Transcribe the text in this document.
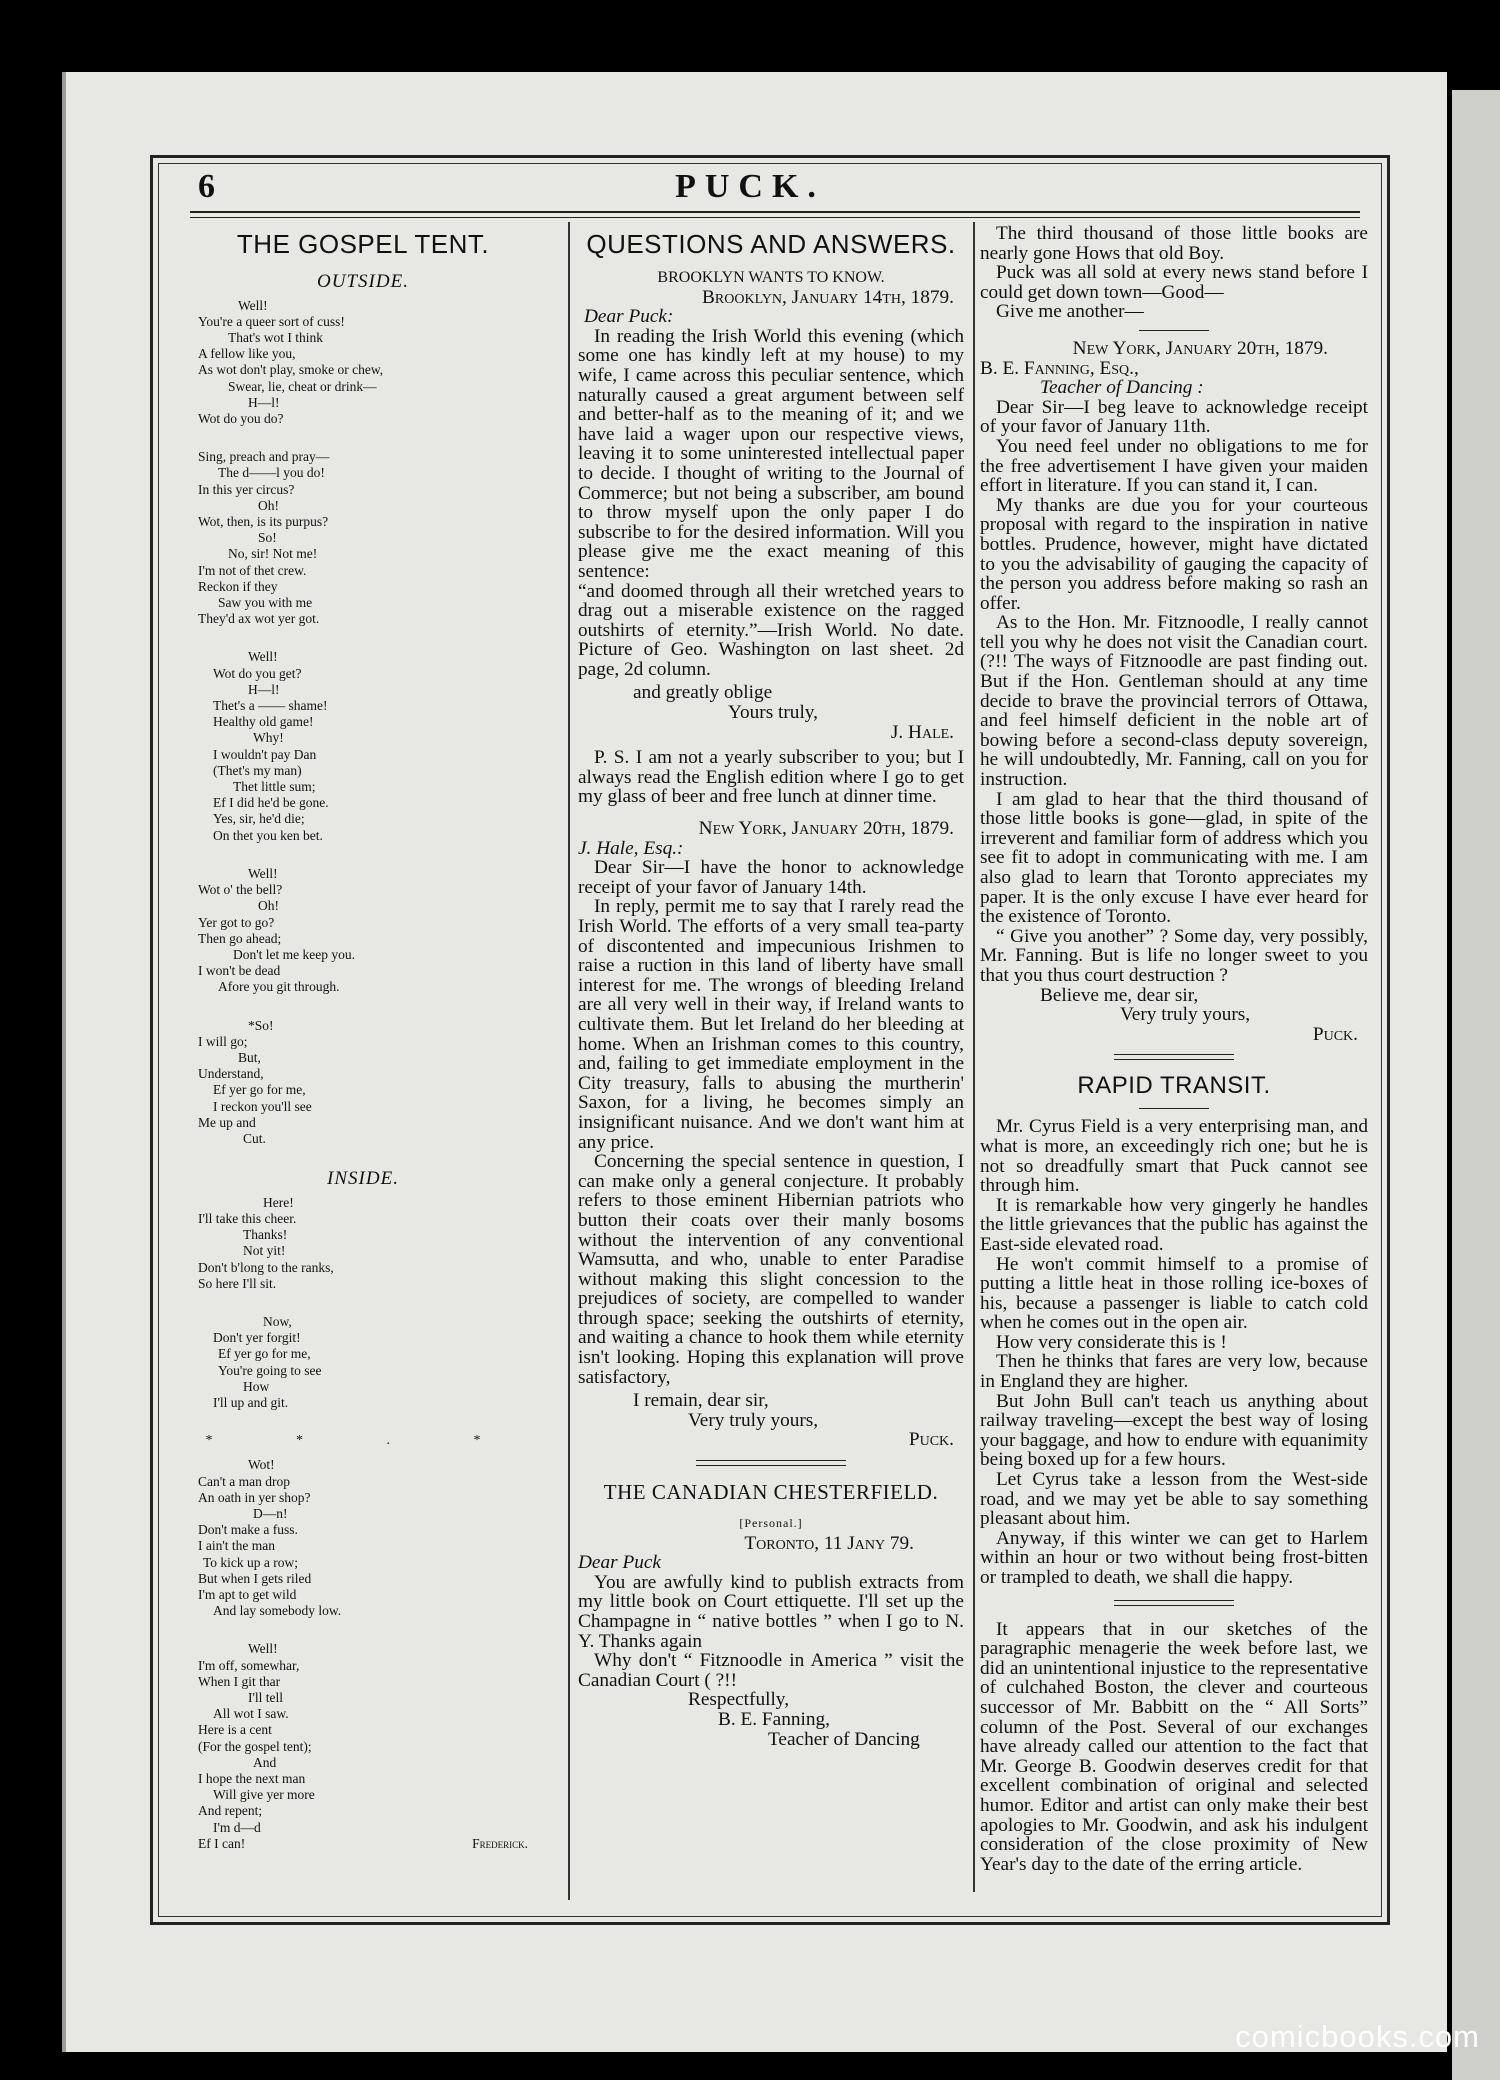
6	PUCK.
THE GOSPEL TENT.
OUTSIDE.
Well!
You're a queer sort of cuss!
That's wot I think
A fellow like you,
As wot don't play, smoke or chew,
Swear, lie, cheat or drink—
H—l!
Wot do you do?
Sing, preach and pray—
The d——l you do!
In this yer circus?
Oh!
Wot, then, is its purpus?
So!
No, sir! Not me!
I'm not of thet crew.
Reckon if they
Saw you with me
They'd ax wot yer got.
Well!
Wot do you get?
H—l!
Thet's a —— shame!
Healthy old game!
Why!
I wouldn't pay Dan
(Thet's my man)
Thet little sum;
Ef I did he'd be gone.
Yes, sir, he'd die;
On thet you ken bet.
Well!
Wot o' the bell?
Oh!
Yer got to go?
Then go ahead;
Don't let me keep you.
I won't be dead
Afore you git through.
*So!
I will go;
But,
Understand,
Ef yer go for me,
I reckon you'll see
Me up and
Cut.
INSIDE.
Here!
I'll take this cheer.
Thanks!
Not yit!
Don't b'long to the ranks,
So here I'll sit.
Now,
Don't yer forgit!
Ef yer go for me,
You're going to see
How
I'll up and git.
* * . *
Wot!
Can't a man drop
An oath in yer shop?
D—n!
Don't make a fuss.
I ain't the man
To kick up a row;
But when I gets riled
I'm apt to get wild
And lay somebody low.
Well!
I'm off, somewhar,
When I git thar
I'll tell
All wot I saw.
Here is a cent
(For the gospel tent);
And
I hope the next man
Will give yer more
And repent;
I'm d—d
Ef I can!	Frederick.
QUESTIONS AND ANSWERS.
BROOKLYN WANTS TO KNOW.
Brooklyn, January 14th, 1879.
Dear Puck:

In reading the Irish World this evening (which some one has kindly left at my house) to my wife, I came across this peculiar sentence, which naturally caused a great argument between self and better-half as to the meaning of it; and we have laid a wager upon our respective views, leaving it to some uninterested intellectual paper to decide. I thought of writing to the Journal of Commerce; but not being a subscriber, am bound to throw myself upon the only paper I do subscribe to for the desired information. Will you please give me the exact meaning of this sentence:

“and doomed through all their wretched years to drag out a miserable existence on the ragged outshirts of eternity.”—Irish World. No date. Picture of Geo. Washington on last sheet. 2d page, 2d column.

and greatly oblige
Yours truly,
J. Hale.

P. S. I am not a yearly subscriber to you; but I always read the English edition where I go to get my glass of beer and free lunch at dinner time.

New York, January 20th, 1879.
J. Hale, Esq.:

Dear Sir—I have the honor to acknowledge receipt of your favor of January 14th.

In reply, permit me to say that I rarely read the Irish World. The efforts of a very small tea-party of discontented and impecunious Irishmen to raise a ruction in this land of liberty have small interest for me. The wrongs of bleeding Ireland are all very well in their way, if Ireland wants to cultivate them. But let Ireland do her bleeding at home. When an Irishman comes to this country, and, failing to get immediate employment in the City treasury, falls to abusing the murtherin' Saxon, for a living, he becomes simply an insignificant nuisance. And we don't want him at any price.

Concerning the special sentence in question, I can make only a general conjecture. It probably refers to those eminent Hibernian patriots who button their coats over their manly bosoms without the intervention of any conventional Wamsutta, and who, unable to enter Paradise without making this slight concession to the prejudices of society, are compelled to wander through space; seeking the outshirts of eternity, and waiting a chance to hook them while eternity isn't looking. Hoping this explanation will prove satisfactory,

I remain, dear sir,
Very truly yours,
Puck.
THE CANADIAN CHESTERFIELD.
[Personal.]
Toronto, 11 Jany 79.
Dear Puck

You are awfully kind to publish extracts from my little book on Court ettiquette. I'll set up the Champagne in “ native bottles ” when I go to N. Y. Thanks again

Why don't “ Fitznoodle in America ” visit the Canadian Court ( ?!!

Respectfully,
B. E. Fanning,
Teacher of Dancing

The third thousand of those little books are nearly gone Hows that old Boy.

Puck was all sold at every news stand before I could get down town—Good—

Give me another—

New York, January 20th, 1879.
B. E. Fanning, Esq.,
Teacher of Dancing :

Dear Sir—I beg leave to acknowledge receipt of your favor of January 11th.

You need feel under no obligations to me for the free advertisement I have given your maiden effort in literature. If you can stand it, I can.

My thanks are due you for your courteous proposal with regard to the inspiration in native bottles. Prudence, however, might have dictated to you the advisability of gauging the capacity of the person you address before making so rash an offer.

As to the Hon. Mr. Fitznoodle, I really cannot tell you why he does not visit the Canadian court. (?!! The ways of Fitznoodle are past finding out. But if the Hon. Gentleman should at any time decide to brave the provincial terrors of Ottawa, and feel himself deficient in the noble art of bowing before a second-class deputy sovereign, he will undoubtedly, Mr. Fanning, call on you for instruction.

I am glad to hear that the third thousand of those little books is gone—glad, in spite of the irreverent and familiar form of address which you see fit to adopt in communicating with me. I am also glad to learn that Toronto appreciates my paper. It is the only excuse I have ever heard for the existence of Toronto.

“ Give you another” ? Some day, very possibly, Mr. Fanning. But is life no longer sweet to you that you thus court destruction ?

Believe me, dear sir,
Very truly yours,
Puck.
RAPID TRANSIT.

Mr. Cyrus Field is a very enterprising man, and what is more, an exceedingly rich one; but he is not so dreadfully smart that Puck cannot see through him.

It is remarkable how very gingerly he handles the little grievances that the public has against the East-side elevated road.

He won't commit himself to a promise of putting a little heat in those rolling ice-boxes of his, because a passenger is liable to catch cold when he comes out in the open air.

How very considerate this is !

Then he thinks that fares are very low, because in England they are higher.

But John Bull can't teach us anything about railway traveling—except the best way of losing your baggage, and how to endure with equanimity being boxed up for a few hours.

Let Cyrus take a lesson from the West-side road, and we may yet be able to say something pleasant about him.

Anyway, if this winter we can get to Harlem within an hour or two without being frost-bitten or trampled to death, we shall die happy.

It appears that in our sketches of the paragraphic menagerie the week before last, we did an unintentional injustice to the representative of culchahed Boston, the clever and courteous successor of Mr. Babbitt on the “ All Sorts” column of the Post. Several of our exchanges have already called our attention to the fact that Mr. George B. Goodwin deserves credit for that excellent combination of original and selected humor. Editor and artist can only make their best apologies to Mr. Goodwin, and ask his indulgent consideration of the close proximity of New Year's day to the date of the erring article.

comicbooks.com
